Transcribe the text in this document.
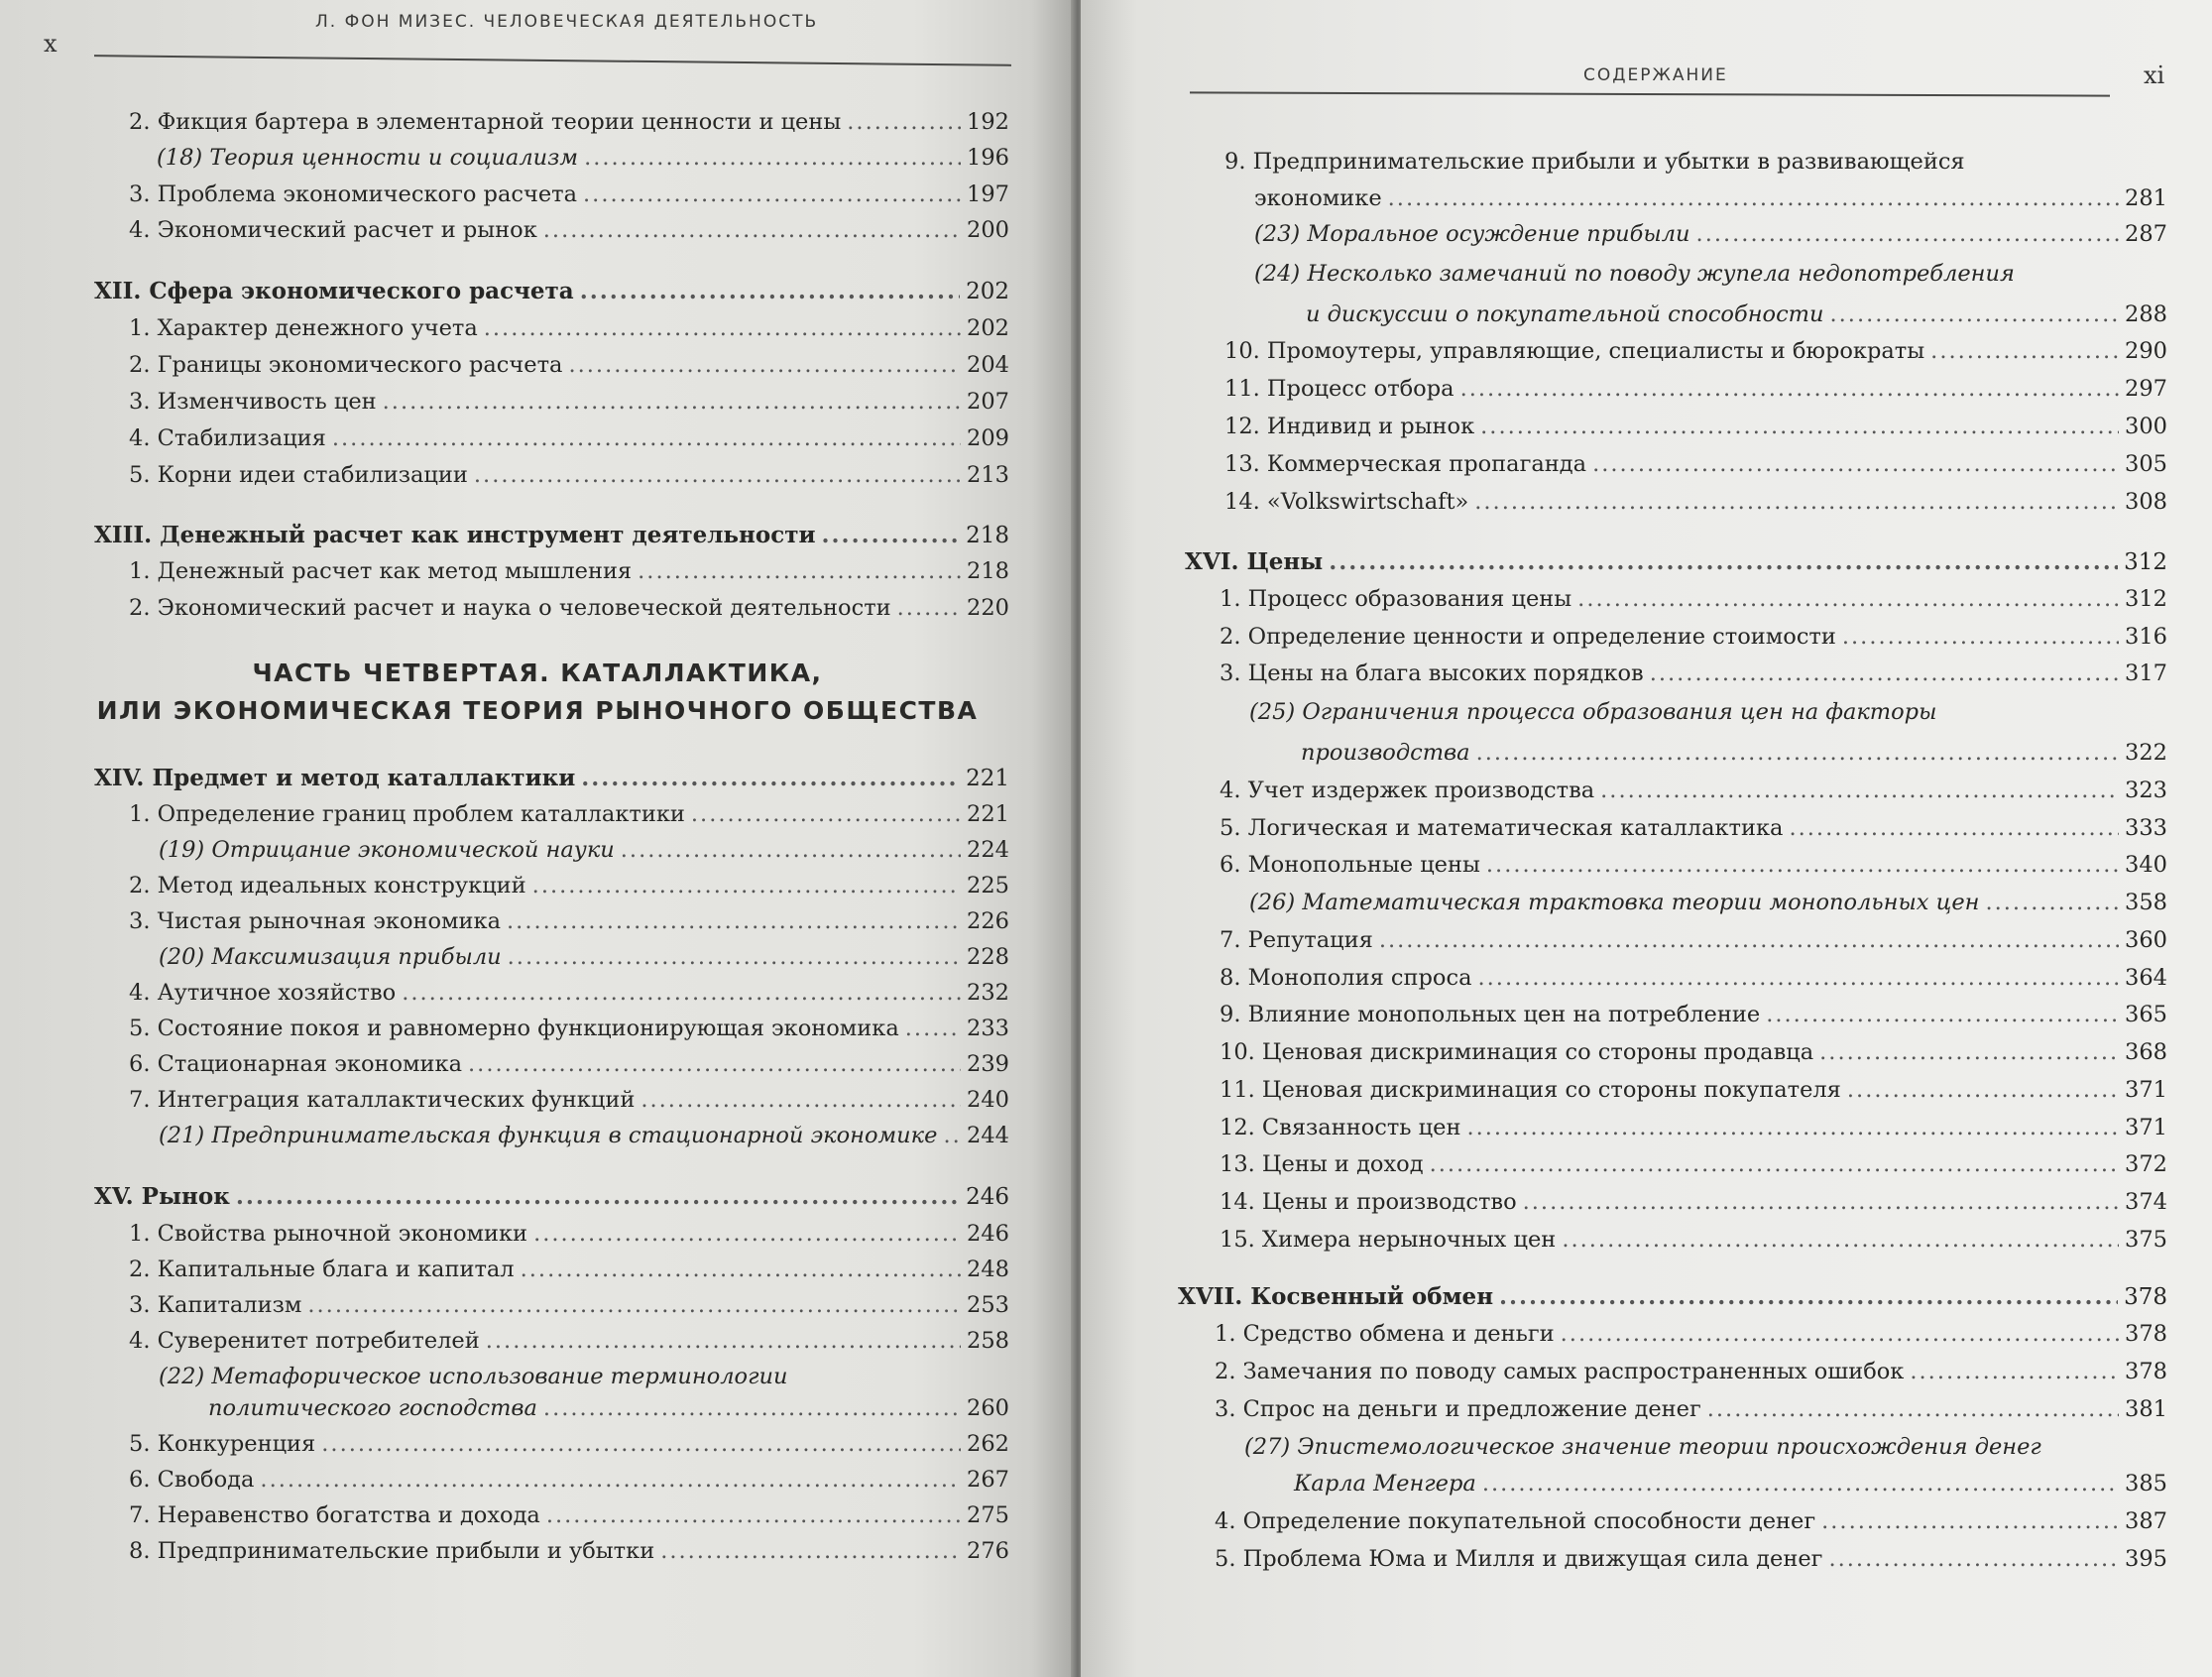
x
Л. ФОН МИЗЕС. ЧЕЛОВЕЧЕСКАЯ ДЕЯТЕЛЬНОСТЬ
2. Фикция бартера в элементарной теории ценности и цены .....	192
(18) Теория ценности и социализм .....	196
3. Проблема экономического расчета .....	197
4. Экономический расчет и рынок .....	200
XII. Сфера экономического расчета .....	202
1. Характер денежного учета .....	202
2. Границы экономического расчета .....	204
3. Изменчивость цен .....	207
4. Стабилизация .....	209
5. Корни идеи стабилизации .....	213
XIII. Денежный расчет как инструмент деятельности .....	218
1. Денежный расчет как метод мышления .....	218
2. Экономический расчет и наука о человеческой деятельности .....	220
ЧАСТЬ ЧЕТВЕРТАЯ. КАТАЛЛАКТИКА,
ИЛИ ЭКОНОМИЧЕСКАЯ ТЕОРИЯ РЫНОЧНОГО ОБЩЕСТВА
XIV. Предмет и метод каталлактики .....	221
1. Определение границ проблем каталлактики .....	221
(19) Отрицание экономической науки .....	224
2. Метод идеальных конструкций .....	225
3. Чистая рыночная экономика .....	226
(20) Максимизация прибыли .....	228
4. Аутичное хозяйство .....	232
5. Состояние покоя и равномерно функционирующая экономика .....	233
6. Стационарная экономика .....	239
7. Интеграция каталлактических функций .....	240
(21) Предпринимательская функция в стационарной экономике ..... 244
XV. Рынок .....	246
1. Свойства рыночной экономики .....	246
2. Капитальные блага и капитал .....	248
3. Капитализм .....	253
4. Суверенитет потребителей .....	258
(22) Метафорическое использование терминологии
политического господства .....	260
5. Конкуренция .....	262
6. Свобода .....	267
7. Неравенство богатства и дохода .....	275
8. Предпринимательские прибыли и убытки .....	276
СОДЕРЖАНИЕ	xi
9. Предпринимательские прибыли и убытки в развивающейся
экономике .....	281
(23) Моральное осуждение прибыли .....	287
(24) Несколько замечаний по поводу жупела недопотребления
и дискуссии о покупательной способности .....	288
10. Промоутеры, управляющие, специалисты и бюрократы .....	290
11. Процесс отбора .....	297
12. Индивид и рынок .....	300
13. Коммерческая пропаганда .....	305
14. «Volkswirtschaft» .....	308
XVI. Цены .....	312
1. Процесс образования цены .....	312
2. Определение ценности и определение стоимости .....	316
3. Цены на блага высоких порядков .....	317
(25) Ограничения процесса образования цен на факторы
производства .....	322
4. Учет издержек производства .....	323
5. Логическая и математическая каталлактика .....	333
6. Монопольные цены .....	340
(26) Математическая трактовка теории монопольных цен .....	358
7. Репутация .....	360
8. Монополия спроса .....	364
9. Влияние монопольных цен на потребление .....	365
10. Ценовая дискриминация со стороны продавца .....	368
11. Ценовая дискриминация со стороны покупателя .....	371
12. Связанность цен .....	371
13. Цены и доход .....	372
14. Цены и производство .....	374
15. Химера нерыночных цен .....	375
XVII. Косвенный обмен .....	378
1. Средство обмена и деньги .....	378
2. Замечания по поводу самых распространенных ошибок .....	378
3. Спрос на деньги и предложение денег .....	381
(27) Эпистемологическое значение теории происхождения денег
Карла Менгера .....	385
4. Определение покупательной способности денег .....	387
5. Проблема Юма и Милля и движущая сила денег .....	395
